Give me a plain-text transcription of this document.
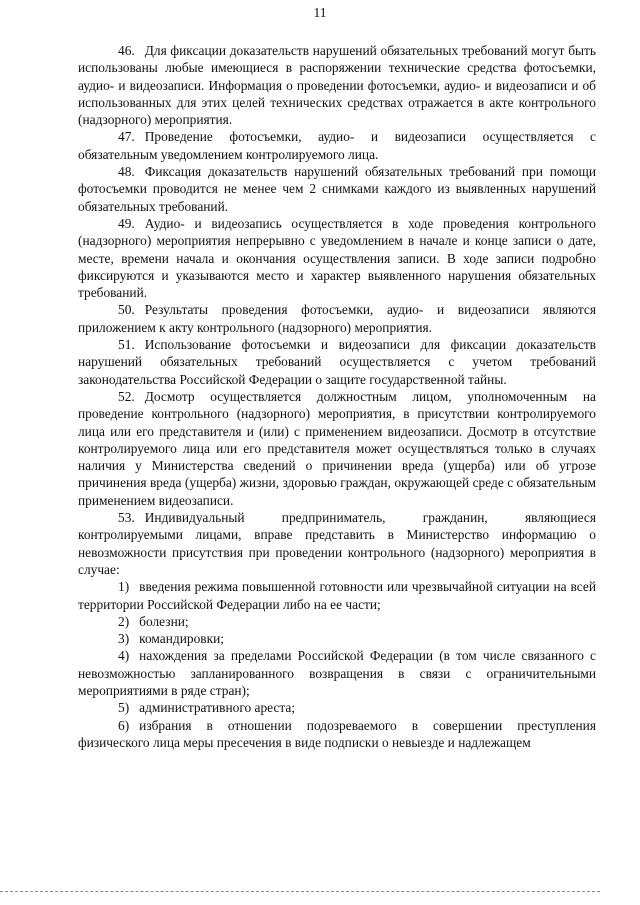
11

46. Для фиксации доказательств нарушений обязательных требований могут быть использованы любые имеющиеся в распоряжении технические средства фотосъемки, аудио- и видеозаписи. Информация о проведении фотосъемки, аудио- и видеозаписи и об использованных для этих целей технических средствах отражается в акте контрольного (надзорного) мероприятия.

47. Проведение фотосъемки, аудио- и видеозаписи осуществляется с обязательным уведомлением контролируемого лица.

48. Фиксация доказательств нарушений обязательных требований при помощи фотосъемки проводится не менее чем 2 снимками каждого из выявленных нарушений обязательных требований.

49. Аудио- и видеозапись осуществляется в ходе проведения контрольного (надзорного) мероприятия непрерывно с уведомлением в начале и конце записи о дате, месте, времени начала и окончания осуществления записи. В ходе записи подробно фиксируются и указываются место и характер выявленного нарушения обязательных требований.

50. Результаты проведения фотосъемки, аудио- и видеозаписи являются приложением к акту контрольного (надзорного) мероприятия.

51. Использование фотосъемки и видеозаписи для фиксации доказательств нарушений обязательных требований осуществляется с учетом требований законодательства Российской Федерации о защите государственной тайны.

52. Досмотр осуществляется должностным лицом, уполномоченным на проведение контрольного (надзорного) мероприятия, в присутствии контролируемого лица или его представителя и (или) с применением видеозаписи. Досмотр в отсутствие контролируемого лица или его представителя может осуществляться только в случаях наличия у Министерства сведений о причинении вреда (ущерба) или об угрозе причинения вреда (ущерба) жизни, здоровью граждан, окружающей среде с обязательным применением видеозаписи.

53. Индивидуальный предприниматель, гражданин, являющиеся контролируемыми лицами, вправе представить в Министерство информацию о невозможности присутствия при проведении контрольного (надзорного) мероприятия в случае:

1) введения режима повышенной готовности или чрезвычайной ситуации на всей территории Российской Федерации либо на ее части;

2) болезни;

3) командировки;

4) нахождения за пределами Российской Федерации (в том числе связанного с невозможностью запланированного возвращения в связи с ограничительными мероприятиями в ряде стран);

5) административного ареста;

6) избрания в отношении подозреваемого в совершении преступления физического лица меры пресечения в виде подписки о невыезде и надлежащем
